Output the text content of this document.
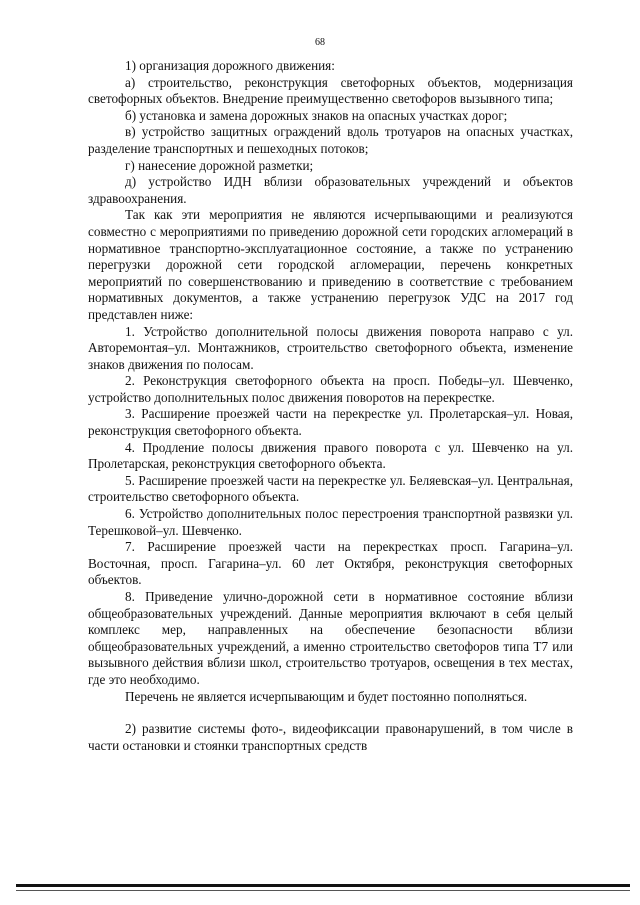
68

1) организация дорожного движения:

а) строительство, реконструкция светофорных объектов, модернизация светофорных объектов. Внедрение преимущественно светофоров вызывного типа;

б) установка и замена дорожных знаков на опасных участках дорог;

в) устройство защитных ограждений вдоль тротуаров на опасных участках, разделение транспортных и пешеходных потоков;

г) нанесение дорожной разметки;

д) устройство ИДН вблизи образовательных учреждений и объектов здравоохранения.

Так как эти мероприятия не являются исчерпывающими и реализуются совместно с мероприятиями по приведению дорожной сети городских агломераций в нормативное транспортно-эксплуатационное состояние, а также по устранению перегрузки дорожной сети городской агломерации, перечень конкретных мероприятий по совершенствованию и приведению в соответствие с требованием нормативных документов, а также устранению перегрузок УДС на 2017 год представлен ниже:

1. Устройство дополнительной полосы движения поворота направо с ул. Авторемонтая–ул. Монтажников, строительство светофорного объекта, изменение знаков движения по полосам.

2. Реконструкция светофорного объекта на просп. Победы–ул. Шевченко, устройство дополнительных полос движения поворотов на перекрестке.

3. Расширение проезжей части на перекрестке ул. Пролетарская–ул. Новая, реконструкция светофорного объекта.

4. Продление полосы движения правого поворота с ул. Шевченко на ул. Пролетарская, реконструкция светофорного объекта.

5. Расширение проезжей части на перекрестке ул. Беляевская–ул. Центральная, строительство светофорного объекта.

6. Устройство дополнительных полос перестроения транспортной развязки ул. Терешковой–ул. Шевченко.

7. Расширение проезжей части на перекрестках просп. Гагарина–ул. Восточная, просп. Гагарина–ул. 60 лет Октября, реконструкция светофорных объектов.

8. Приведение улично-дорожной сети в нормативное состояние вблизи общеобразовательных учреждений. Данные мероприятия включают в себя целый комплекс мер, направленных на обеспечение безопасности вблизи общеобразовательных учреждений, а именно строительство светофоров типа Т7 или вызывного действия вблизи школ, строительство тротуаров, освещения в тех местах, где это необходимо.

Перечень не является исчерпывающим и будет постоянно пополняться.

2) развитие системы фото-, видеофиксации правонарушений, в том числе в части остановки и стоянки транспортных средств
